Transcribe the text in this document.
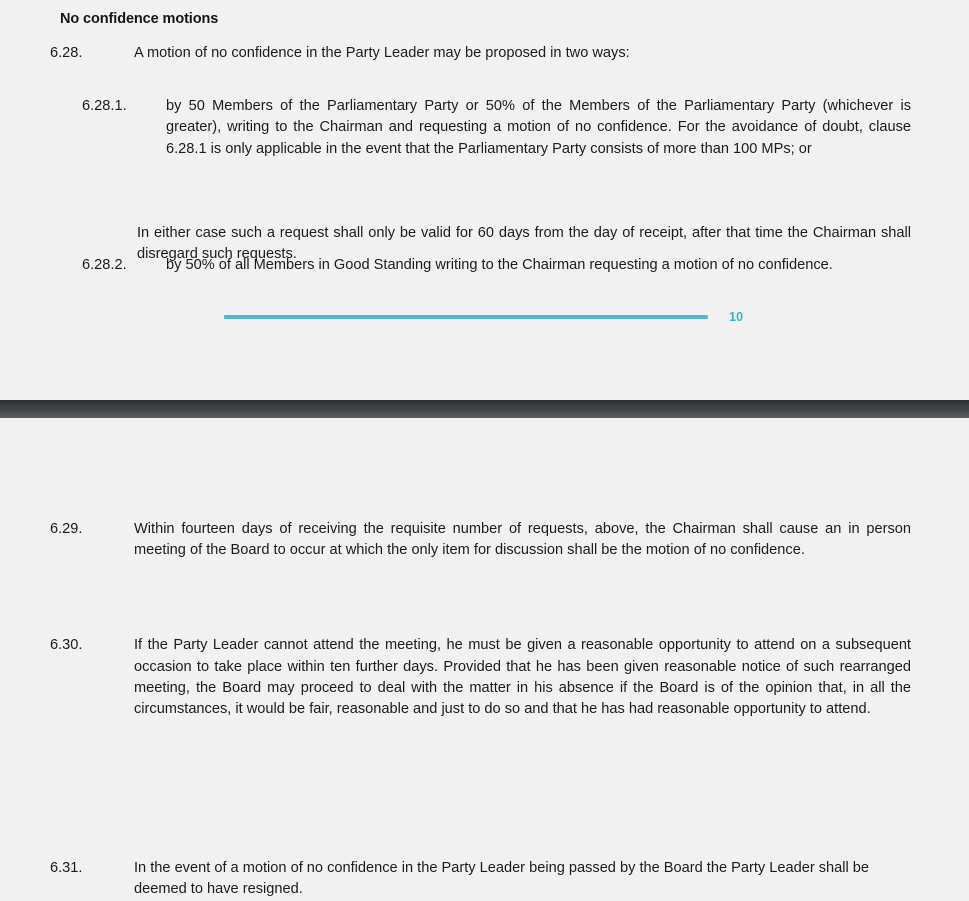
No confidence motions
6.28.	A motion of no confidence in the Party Leader may be proposed in two ways:
6.28.1.	by 50 Members of the Parliamentary Party or 50% of the Members of the Parliamentary Party (whichever is greater), writing to the Chairman and requesting a motion of no confidence. For the avoidance of doubt, clause 6.28.1 is only applicable in the event that the Parliamentary Party consists of more than 100 MPs; or
6.28.2.	by 50% of all Members in Good Standing writing to the Chairman requesting a motion of no confidence.
In either case such a request shall only be valid for 60 days from the day of receipt, after that time the Chairman shall disregard such requests.
10
6.29.	Within fourteen days of receiving the requisite number of requests, above, the Chairman shall cause an in person meeting of the Board to occur at which the only item for discussion shall be the motion of no confidence.
6.30.	If the Party Leader cannot attend the meeting, he must be given a reasonable opportunity to attend on a subsequent occasion to take place within ten further days. Provided that he has been given reasonable notice of such rearranged meeting, the Board may proceed to deal with the matter in his absence if the Board is of the opinion that, in all the circumstances, it would be fair, reasonable and just to do so and that he has had reasonable opportunity to attend.
6.31.	In the event of a motion of no confidence in the Party Leader being passed by the Board the Party Leader shall be deemed to have resigned.
